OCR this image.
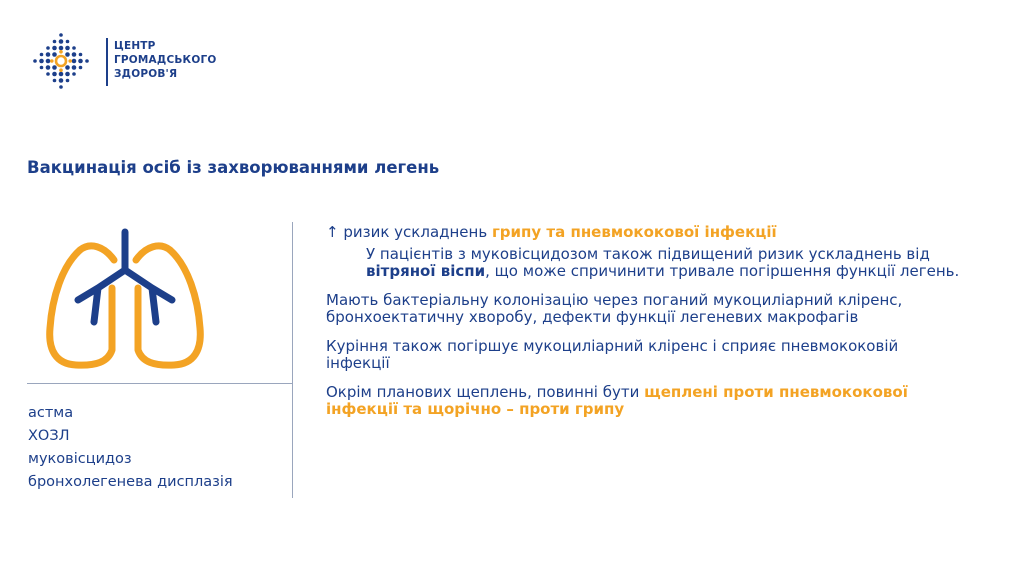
ЦЕНТР
ГРОМАДСЬКОГО
ЗДОРОВ'Я
Вакцинація осіб із захворюваннями легень
астма
ХОЗЛ
муковісцидоз
бронхолегенева дисплазія

↑ ризик ускладнень грипу та пневмококової інфекції

У пацієнтів з муковісцидозом також підвищений ризик ускладнень від вітряної віспи, що може спричинити тривале погіршення функції легень.

Мають бактеріальну колонізацію через поганий мукоциліарний кліренс, бронхоектатичну хворобу, дефекти функції легеневих макрофагів

Куріння також погіршує мукоциліарний кліренс і сприяє пневмококовій інфекції

Окрім планових щеплень, повинні бути щеплені проти пневмококової інфекції та щорічно – проти грипу
